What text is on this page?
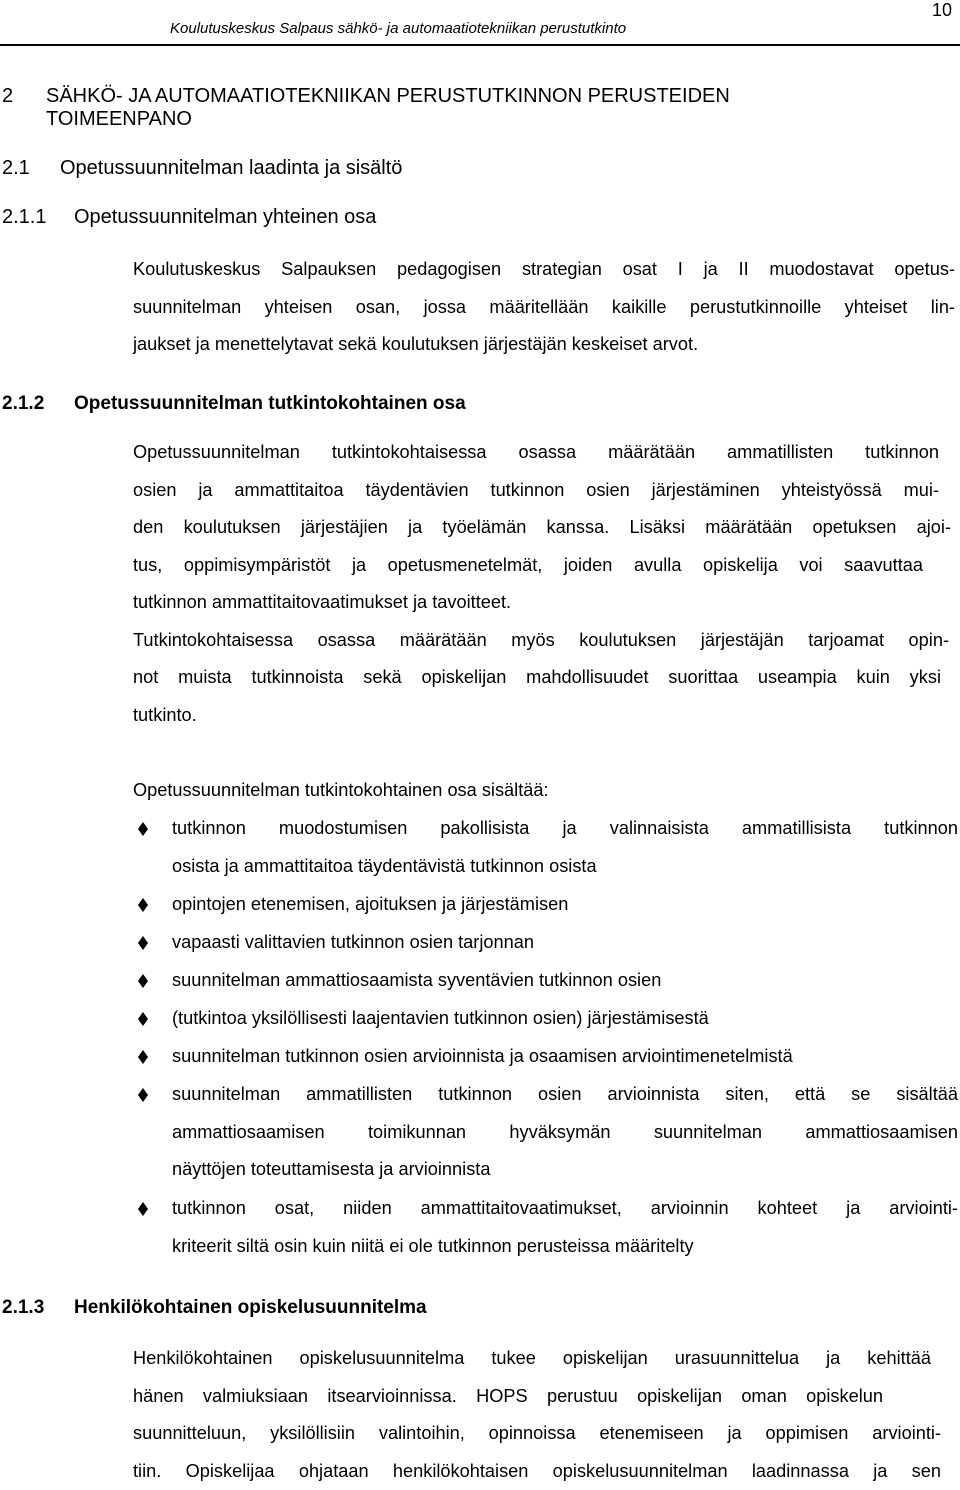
10
Koulutuskeskus Salpaus sähkö- ja automaatiotekniikan perustutkinto
2 SÄHKÖ- JA AUTOMAATIOTEKNIIKAN PERUSTUTKINNON PERUSTEIDEN
TOIMEENPANO
2.1 Opetussuunnitelman laadinta ja sisältö
2.1.1 Opetussuunnitelman yhteinen osa
Koulutuskeskus Salpauksen pedagogisen strategian osat I ja II muodostavat opetus-
suunnitelman yhteisen osan, jossa määritellään kaikille perustutkinnoille yhteiset lin-
jaukset ja menettelytavat sekä koulutuksen järjestäjän keskeiset arvot.
2.1.2 Opetussuunnitelman tutkintokohtainen osa
Opetussuunnitelman tutkintokohtaisessa osassa määrätään ammatillisten tutkinnon
osien ja ammattitaitoa täydentävien tutkinnon osien järjestäminen yhteistyössä mui-
den koulutuksen järjestäjien ja työelämän kanssa. Lisäksi määrätään opetuksen ajoi-
tus, oppimisympäristöt ja opetusmenetelmät, joiden avulla opiskelija voi saavuttaa
tutkinnon ammattitaitovaatimukset ja tavoitteet.
Tutkintokohtaisessa osassa määrätään myös koulutuksen järjestäjän tarjoamat opin-
not muista tutkinnoista sekä opiskelijan mahdollisuudet suorittaa useampia kuin yksi
tutkinto.
Opetussuunnitelman tutkintokohtainen osa sisältää:
tutkinnon muodostumisen pakollisista ja valinnaisista ammatillisista tutkinnon
osista ja ammattitaitoa täydentävistä tutkinnon osista
opintojen etenemisen, ajoituksen ja järjestämisen
vapaasti valittavien tutkinnon osien tarjonnan
suunnitelman ammattiosaamista syventävien tutkinnon osien
(tutkintoa yksilöllisesti laajentavien tutkinnon osien) järjestämisestä
suunnitelman tutkinnon osien arvioinnista ja osaamisen arviointimenetelmistä
suunnitelman ammatillisten tutkinnon osien arvioinnista siten, että se sisältää
ammattiosaamisen toimikunnan hyväksymän suunnitelman ammattiosaamisen
näyttöjen toteuttamisesta ja arvioinnista
tutkinnon osat, niiden ammattitaitovaatimukset, arvioinnin kohteet ja arviointi-
kriteerit siltä osin kuin niitä ei ole tutkinnon perusteissa määritelty
2.1.3 Henkilökohtainen opiskelusuunnitelma
Henkilökohtainen opiskelusuunnitelma tukee opiskelijan urasuunnittelua ja kehittää
hänen valmiuksiaan itsearvioinnissa. HOPS perustuu opiskelijan oman opiskelun
suunnitteluun, yksilöllisiin valintoihin, opinnoissa etenemiseen ja oppimisen arviointi-
tiin. Opiskelijaa ohjataan henkilökohtaisen opiskelusuunnitelman laadinnassa ja sen
